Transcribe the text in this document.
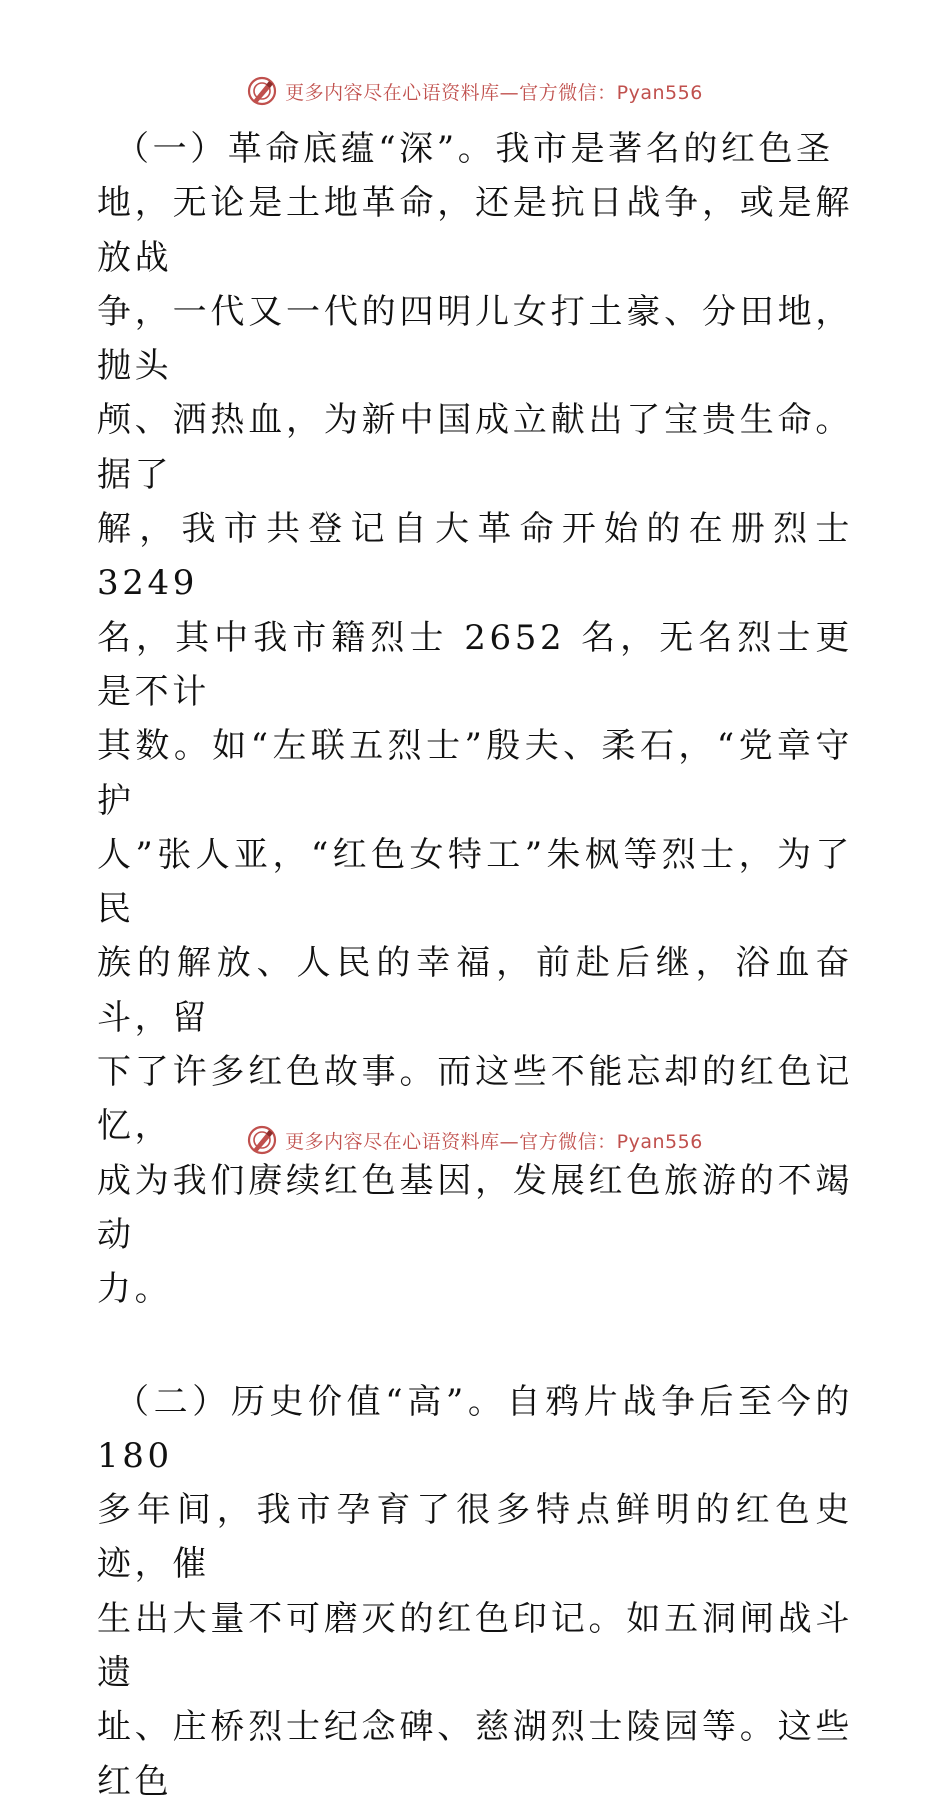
更多内容尽在心语资料库—官方微信：Pyan556

（一）革命底蕴“深”。我市是著名的红色圣
地，无论是土地革命，还是抗日战争，或是解放战
争，一代又一代的四明儿女打土豪、分田地，抛头
颅、洒热血，为新中国成立献出了宝贵生命。据了
解，我市共登记自大革命开始的在册烈士 3249
名，其中我市籍烈士 2652 名，无名烈士更是不计
其数。如“左联五烈士”殷夫、柔石，“党章守护
人”张人亚，“红色女特工”朱枫等烈士，为了民
族的解放、人民的幸福，前赴后继，浴血奋斗，留
下了许多红色故事。而这些不能忘却的红色记忆，
成为我们赓续红色基因，发展红色旅游的不竭动
力。

（二）历史价值“高”。自鸦片战争后至今的 180
多年间，我市孕育了很多特点鲜明的红色史迹，催
生出大量不可磨灭的红色印记。如五洞闸战斗遗
址、庄桥烈士纪念碑、慈湖烈士陵园等。这些红色

更多内容尽在心语资料库—官方微信：Pyan556
